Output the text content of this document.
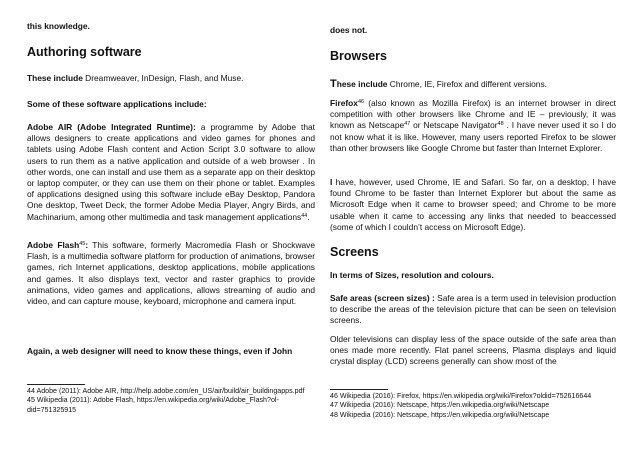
this knowledge.

Authoring software

These include Dreamweaver, InDesign, Flash, and Muse.

Some of these software applications include:

Adobe AIR (Adobe Integrated Runtime): a programme by Adobe that allows designers to create applications and video games for phones and tablets using Adobe Flash content and Action Script 3.0 software to allow users to run them as a native application and outside of a web browser . In other words, one can install and use them as a separate app on their desktop or laptop computer, or they can use them on their phone or tablet. Examples of applications designed using this software include eBay Desktop, Pandora One desktop, Tweet Deck, the former Adobe Media Player, Angry Birds, and Machinarium, among other multimedia and task management applications$^{44}$.

Adobe Flash$^{45}$: This software, formerly Macromedia Flash or Shockwave Flash, is a multimedia software platform for production of animations, browser games, rich Internet applications, desktop applications, mobile applications and games. It also displays text, vector and raster graphics to provide animations, video games and applications, allows streaming of audio and video, and can capture mouse, keyboard, microphone and camera input.

Again, a web designer will need to know these things, even if John

44 Adobe (2011): Adobe AIR, http://help.adobe.com/en_US/air/build/air_buildingapps.pdf

45 Wikipedia (2011): Adobe Flash, https://en.wikipedia.org/wiki/Adobe_Flash?ol-did=751325915

does not.

Browsers

These include Chrome, IE, Firefox and different versions.

Firefox$^{46}$ (also known as Mozilla Firefox) is an internet browser in direct competition with other browsers like Chrome and IE – previously, it was known as Netscape$^{47}$ or Netscape Navigator$^{48}$ . I have never used it so I do not know what it is like. However, many users reported Firefox to be slower than other browsers like Google Chrome but faster than Internet Explorer.

I have, however, used Chrome, IE and Safari. So far, on a desktop, I have found Chrome to be faster than Internet Explorer but about the same as Microsoft Edge when it came to browser speed; and Chrome to be more usable when it came to accessing any links that needed to beaccessed (some of which I couldn’t access on Microsoft Edge).

Screens

In terms of Sizes, resolution and colours.

Safe areas (screen sizes) : Safe area is a term used in television production to describe the areas of the television picture that can be seen on television screens.

Older televisions can display less of the space outside of the safe area than ones made more recently. Flat panel screens, Plasma displays and liquid crystal display (LCD) screens generally can show most of the

46 Wikipedia (2016): Firefox, https://en.wikipedia.org/wiki/Firefox?oldid=752616644

47 Wikipedia (2016): Netscape, https://en.wikipedia.org/wiki/Netscape

48 Wikipedia (2016): Netscape, https://en.wikipedia.org/wiki/Netscape
